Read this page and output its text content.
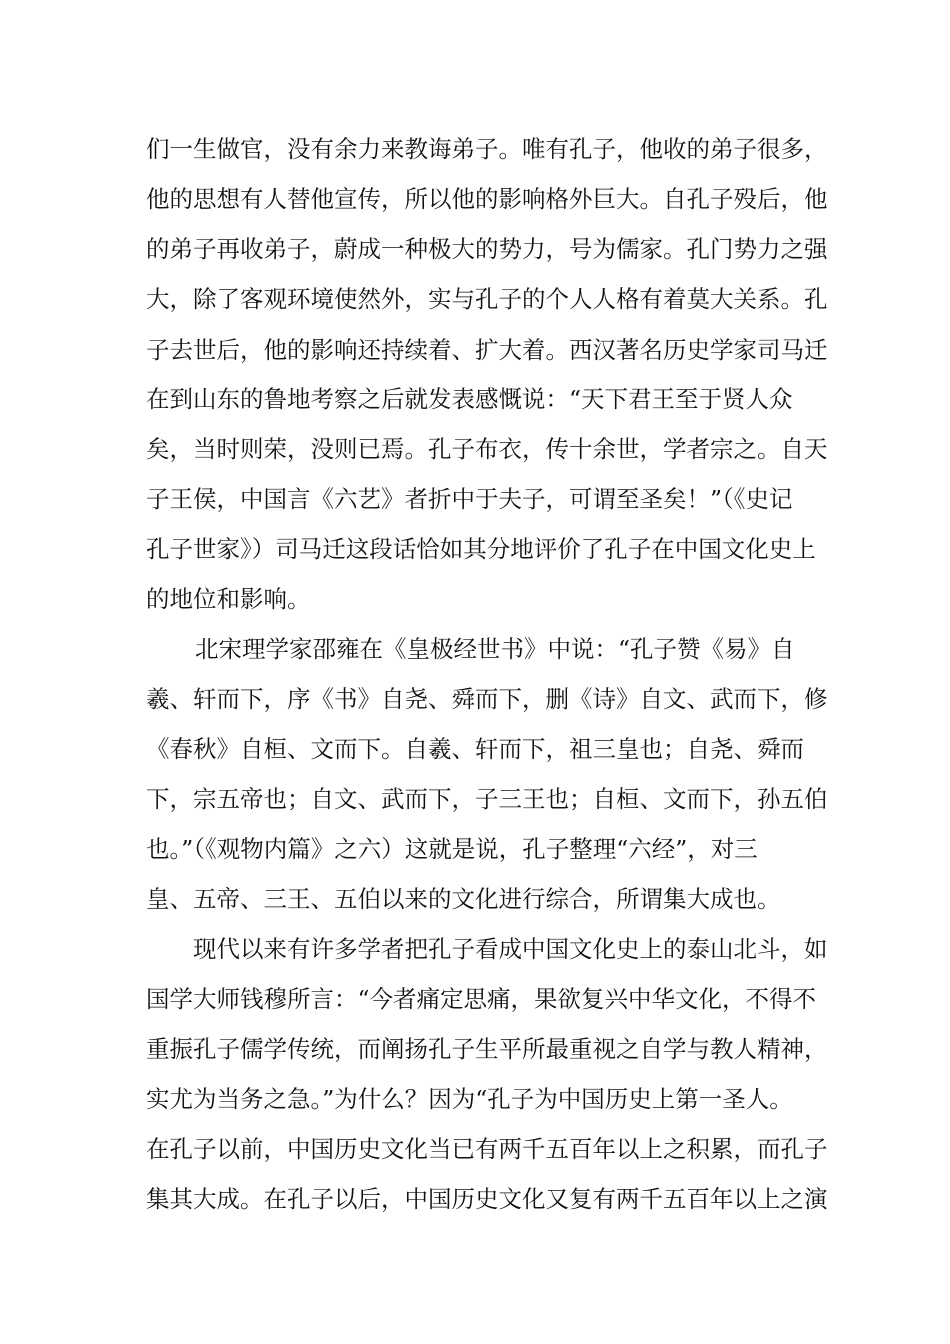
们一生做官，没有余力来教诲弟子。唯有孔子，他收的弟子很多，
他的思想有人替他宣传，所以他的影响格外巨大。自孔子殁后，他
的弟子再收弟子，蔚成一种极大的势力，号为儒家。孔门势力之强
大，除了客观环境使然外，实与孔子的个人人格有着莫大关系。孔
子去世后，他的影响还持续着、扩大着。西汉著名历史学家司马迁
在到山东的鲁地考察之后就发表感慨说：“天下君王至于贤人众
矣，当时则荣，没则已焉。孔子布衣，传十余世，学者宗之。自天
子王侯，中国言《六艺》者折中于夫子，可谓至圣矣！”（《史记
孔子世家》）司马迁这段话恰如其分地评价了孔子在中国文化史上
的地位和影响。
北宋理学家邵雍在《皇极经世书》中说：“孔子赞《易》自
羲、轩而下，序《书》自尧、舜而下，删《诗》自文、武而下，修
《春秋》自桓、文而下。自羲、轩而下，祖三皇也；自尧、舜而
下，宗五帝也；自文、武而下，子三王也；自桓、文而下，孙五伯
也。”（《观物内篇》之六）这就是说，孔子整理“六经”，对三
皇、五帝、三王、五伯以来的文化进行综合，所谓集大成也。
现代以来有许多学者把孔子看成中国文化史上的泰山北斗，如
国学大师钱穆所言：“今者痛定思痛，果欲复兴中华文化，不得不
重振孔子儒学传统，而阐扬孔子生平所最重视之自学与教人精神，
实尤为当务之急。”为什么？因为“孔子为中国历史上第一圣人。
在孔子以前，中国历史文化当已有两千五百年以上之积累，而孔子
集其大成。在孔子以后，中国历史文化又复有两千五百年以上之演
